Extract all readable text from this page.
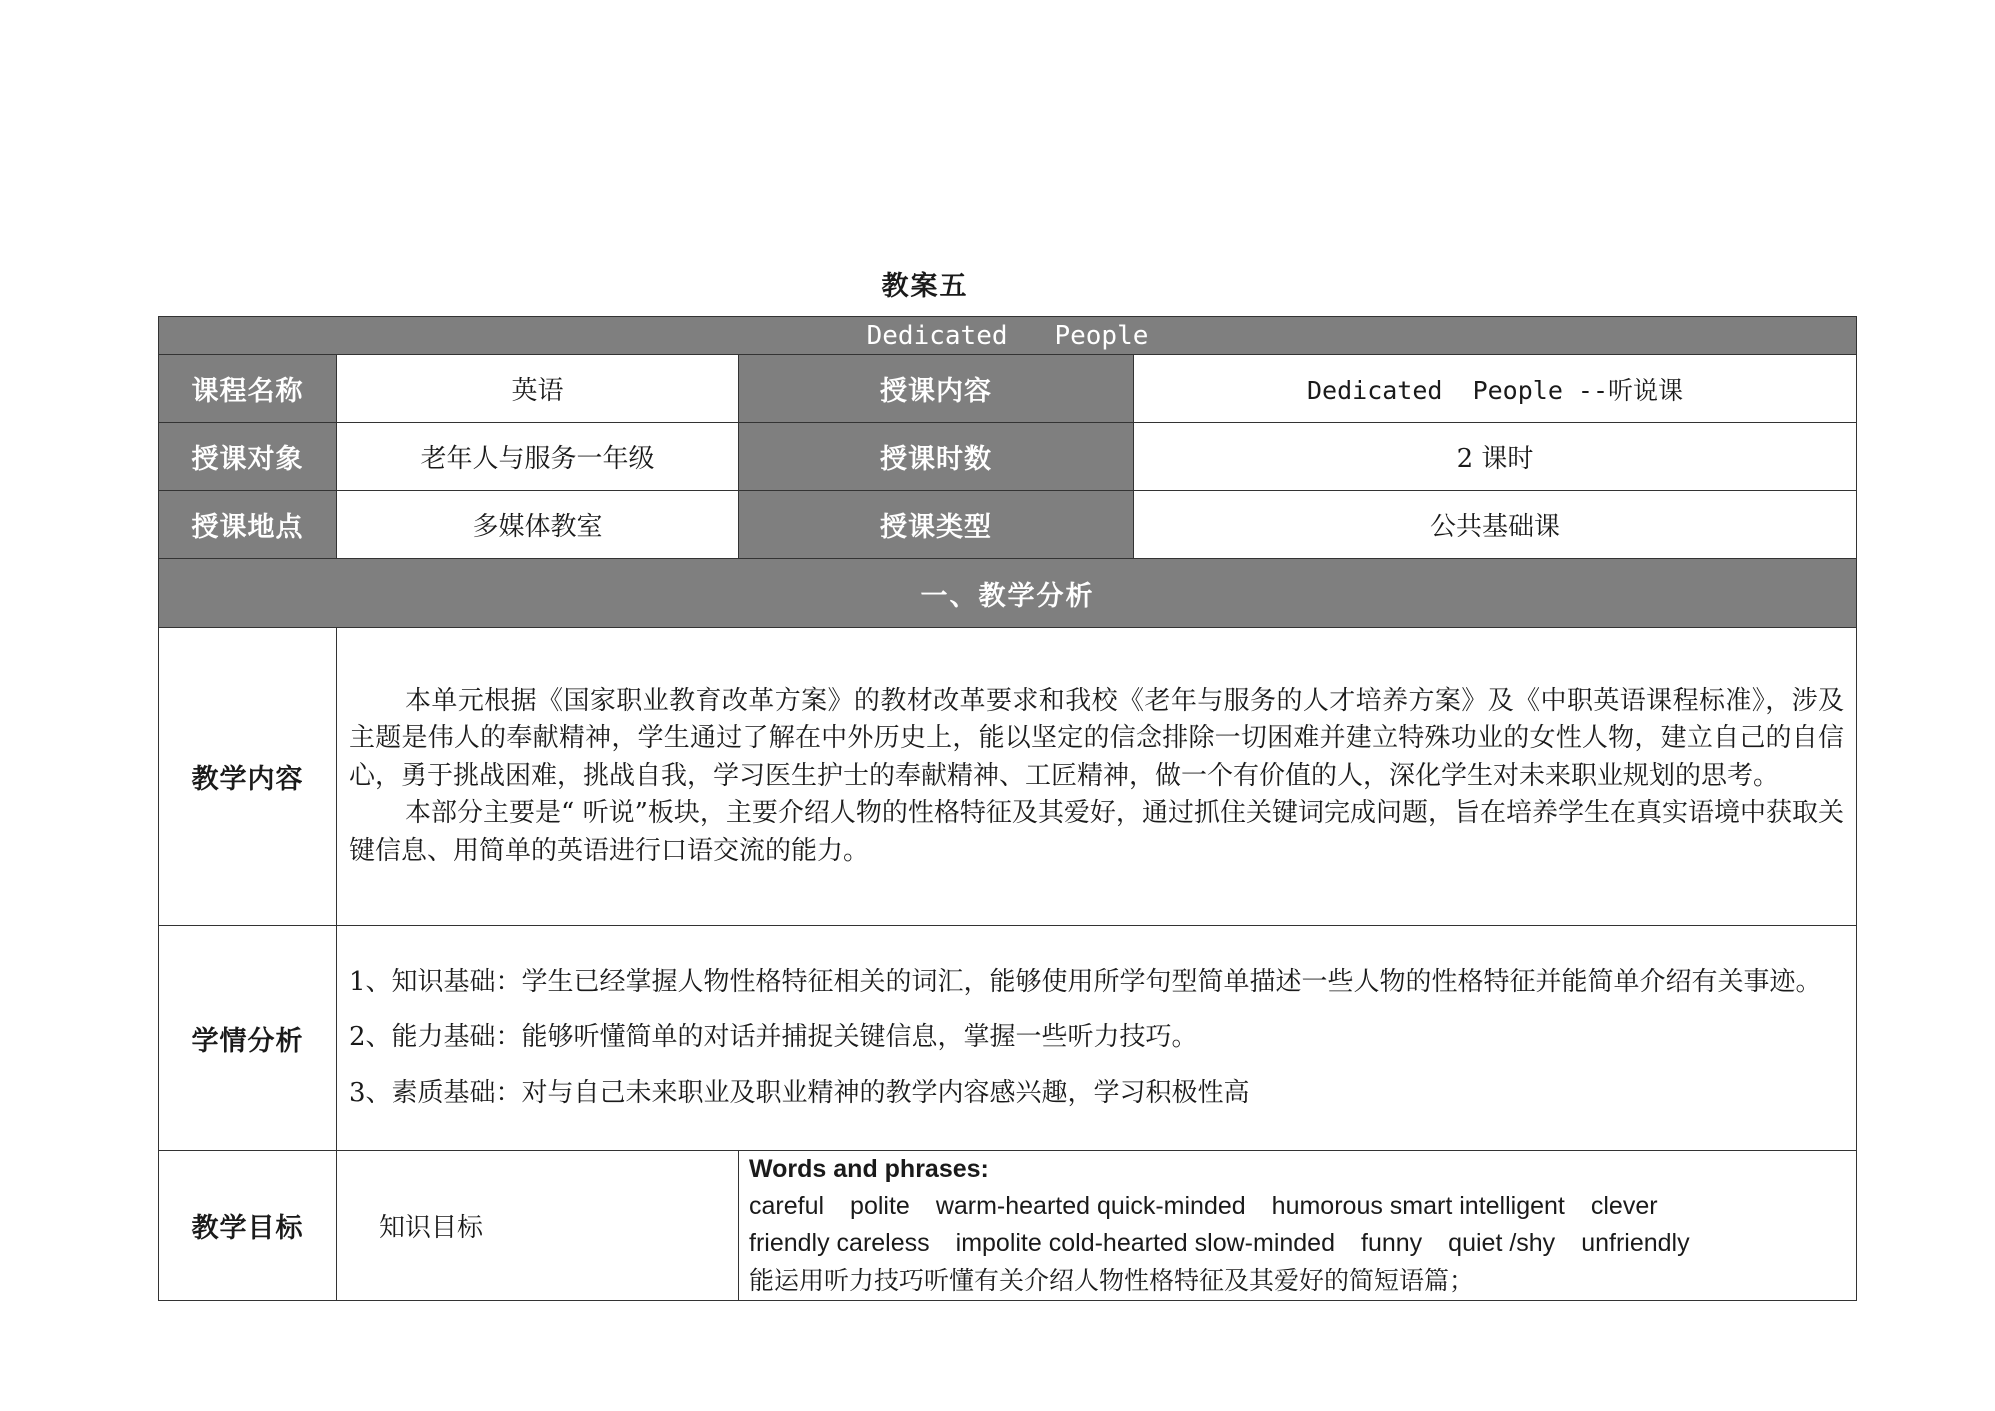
教案五
Dedicated   People			
课程名称	英语	授课内容	Dedicated  People --听说课
授课对象	老年人与服务一年级	授课时数	2 课时
授课地点	多媒体教室	授课类型	公共基础课
一、教学分析			
教学内容	本单元根据《国家职业教育改革方案》的教材改革要求和我校《老年与服务的人才培养方案》及《中职英语课程标准》，涉及主题是伟人的奉献精神，学生通过了解在中外历史上，能以坚定的信念排除一切困难并建立特殊功业的女性人物，建立自己的自信心，勇于挑战困难，挑战自我，学习医生护士的奉献精神、工匠精神，做一个有价值的人，深化学生对未来职业规划的思考。

本部分主要是“ 听说”板块，主要介绍人物的性格特征及其爱好，通过抓住关键词完成问题，旨在培养学生在真实语境中获取关键信息、用简单的英语进行口语交流的能力。		

学情分析	1、知识基础：学生已经掌握人物性格特征相关的词汇，能够使用所学句型简单描述一些人物的性格特征并能简单介绍有关事迹。

2、能力基础：能够听懂简单的对话并捕捉关键信息，掌握一些听力技巧。

3、素质基础：对与自己未来职业及职业精神的教学内容感兴趣，学习积极性高		

教学目标	知识目标	Words and phrases:
careful polite warm-hearted quick-minded humorous smart intelligent clever
friendly careless impolite cold-hearted slow-minded funny quiet /shy unfriendly
能运用听力技巧听懂有关介绍人物性格特征及其爱好的简短语篇；	
